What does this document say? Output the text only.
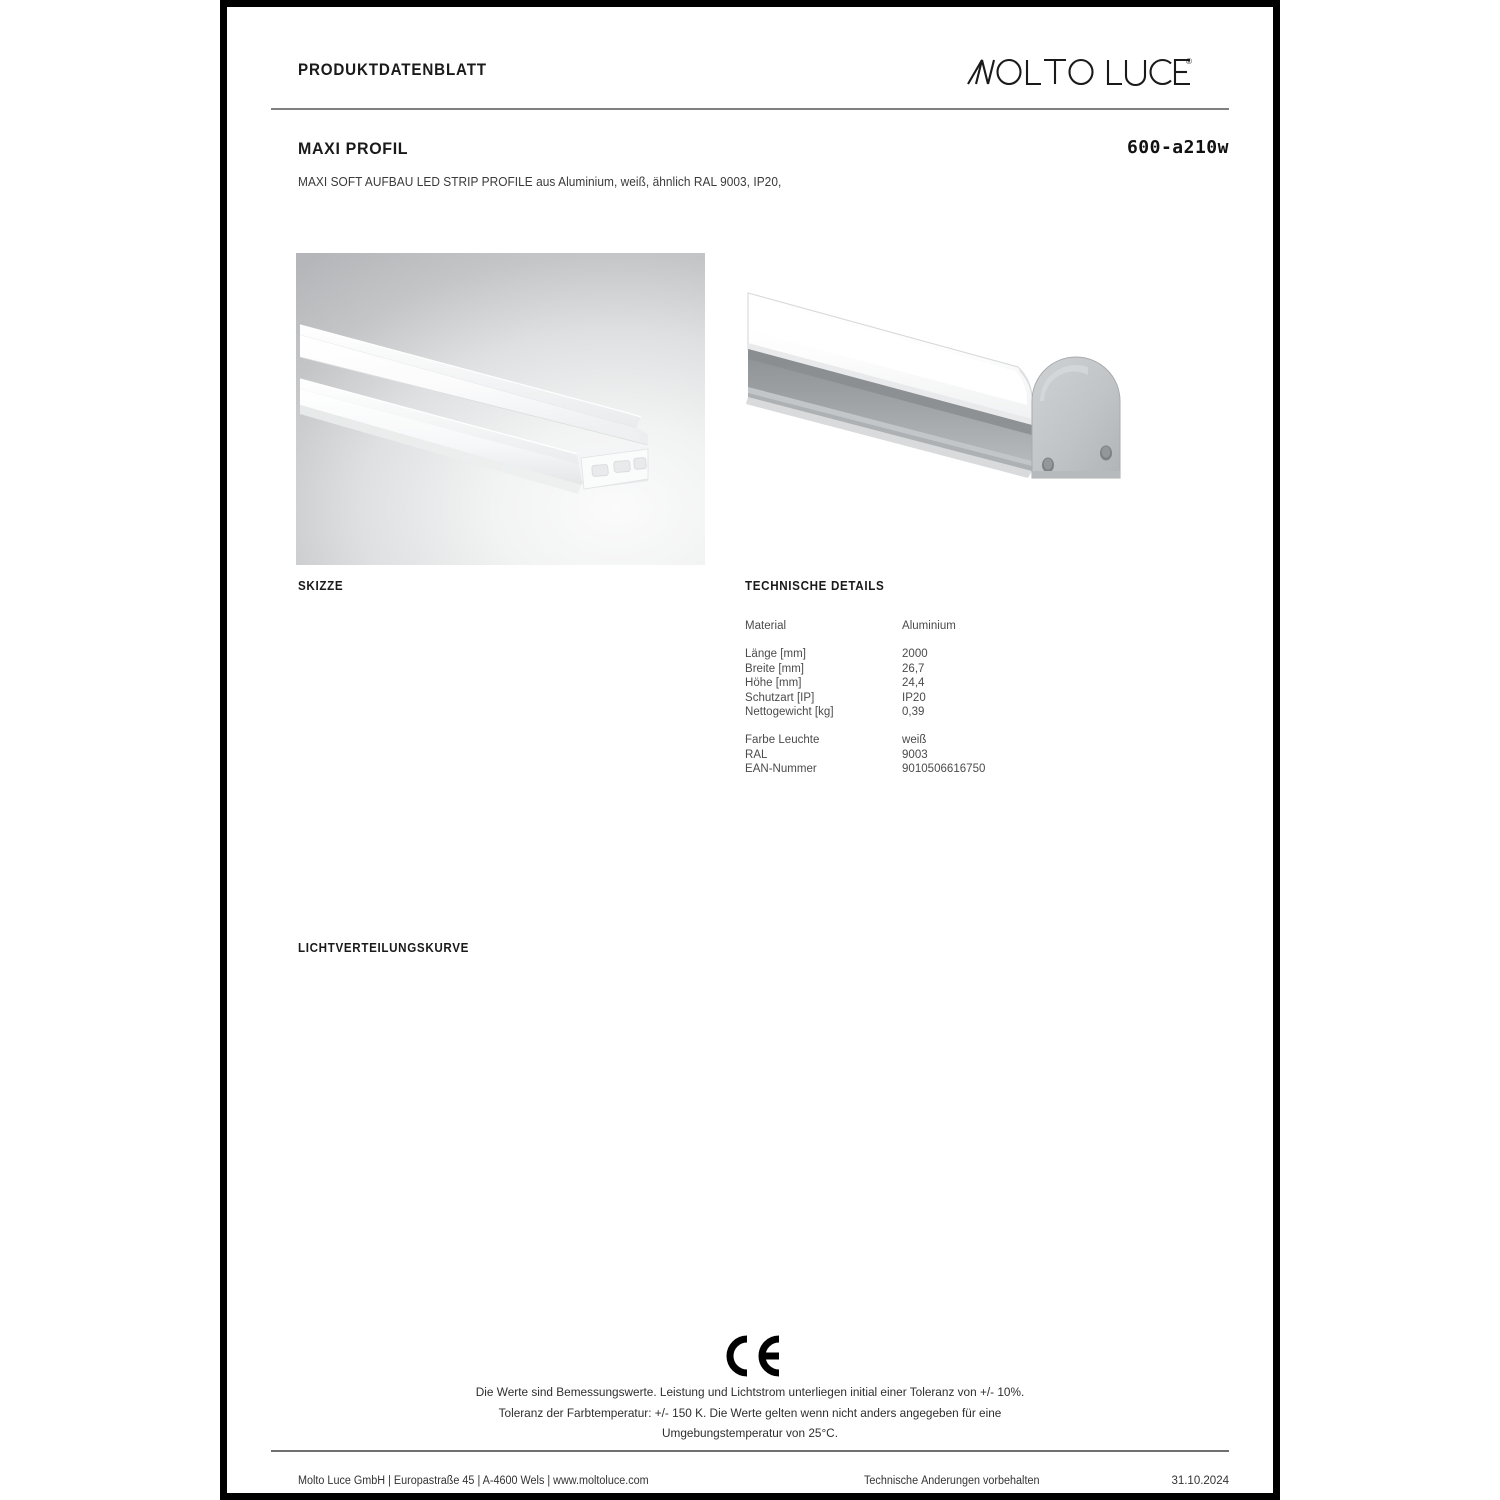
PRODUKTDATENBLATT	®
MAXI PROFIL	600-a210w
MAXI SOFT AUFBAU LED STRIP PROFILE aus Aluminium, weiß, ähnlich RAL 9003, IP20,
SKIZZE	TECHNISCHE DETAILS
LICHTVERTEILUNGSKURVE
Material	Aluminium
Länge [mm]	2000
Breite [mm]	26,7
Höhe [mm]	24,4
Schutzart [IP]	IP20
Nettogewicht [kg]	0,39
Farbe Leuchte	weiß
RAL	9003
EAN-Nummer	9010506616750
Die Werte sind Bemessungswerte. Leistung und Lichtstrom unterliegen initial einer Toleranz von +/- 10%.
Toleranz der Farbtemperatur: +/- 150 K. Die Werte gelten wenn nicht anders angegeben für eine
Umgebungstemperatur von 25°C.
Molto Luce GmbH | Europastraße 45 | A-4600 Wels | www.moltoluce.com	Technische Änderungen vorbehalten	31.10.2024
